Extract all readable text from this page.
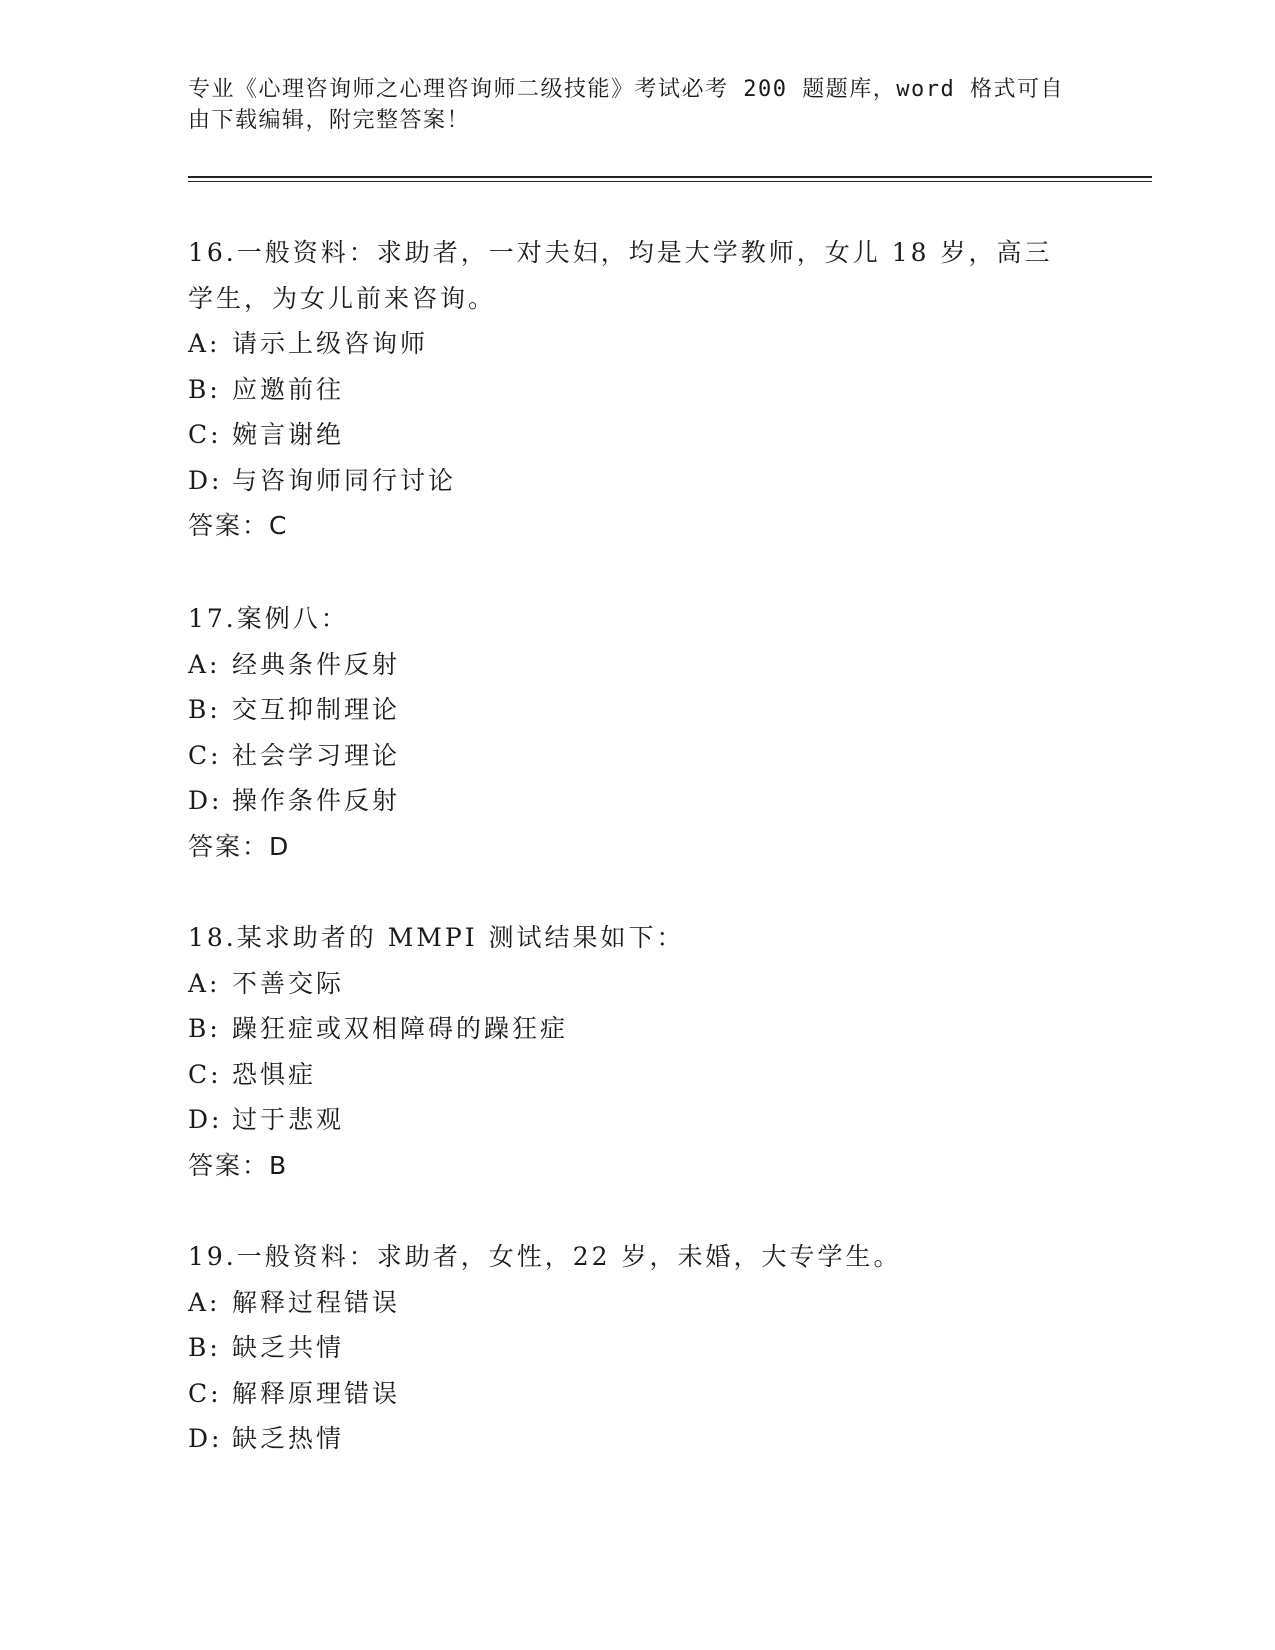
专业《心理咨询师之心理咨询师二级技能》考试必考 200 题题库，word 格式可自
由下载编辑，附完整答案！
16.一般资料：求助者，一对夫妇，均是大学教师，女儿 18 岁，高三
学生，为女儿前来咨询。
A: 请示上级咨询师
B: 应邀前往
C: 婉言谢绝
D: 与咨询师同行讨论
答案：C
17.案例八：
A: 经典条件反射
B: 交互抑制理论
C: 社会学习理论
D: 操作条件反射
答案：D
18.某求助者的 MMPI 测试结果如下：
A: 不善交际
B: 躁狂症或双相障碍的躁狂症
C: 恐惧症
D: 过于悲观
答案：B
19.一般资料：求助者，女性，22 岁，未婚，大专学生。
A: 解释过程错误
B: 缺乏共情
C: 解释原理错误
D: 缺乏热情
